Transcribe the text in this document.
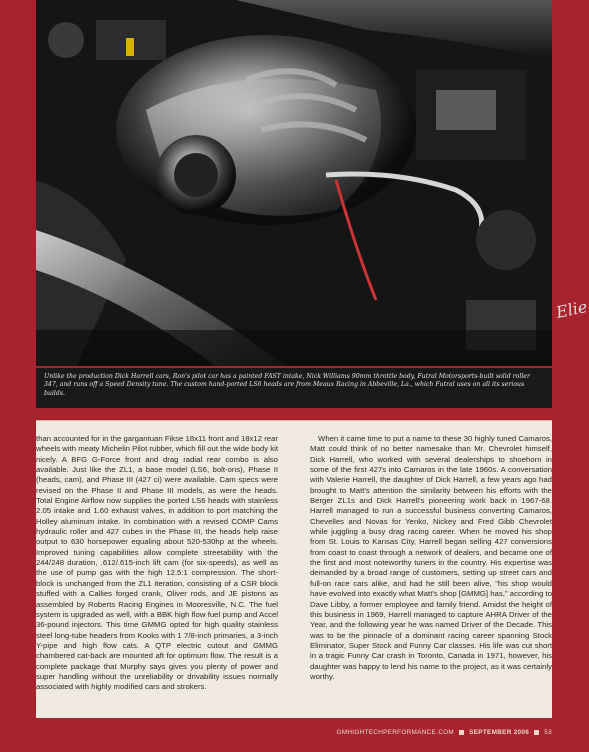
Elie
Unlike the production Dick Harrell cars, Ron's pilot car has a painted FAST intake, Nick Williams 90mm throttle body, Futral Motorsports-built solid roller 347, and runs off a Speed Density tune. The custom hand-ported LS6 heads are from Meaux Racing in Abbeville, La., which Futral uses on all its serious builds.

than accounted for in the gargantuan Fikse 18x11 front and 18x12 rear wheels with meaty Michelin Pilot rubber, which fill out the wide body kit nicely. A BFG G-Force front and drag radial rear combo is also available. Just like the ZL1, a base model (LS6, bolt-ons), Phase II (heads, cam), and Phase III (427 ci) were available. Cam specs were revised on the Phase II and Phase III models, as were the heads. Total Engine Airflow now supplies the ported LS6 heads with stainless 2.05 intake and 1.60 exhaust valves, in addition to port matching the Holley aluminum intake. In combination with a revised COMP Cams hydraulic roller and 427 cubes in the Phase III, the heads help raise output to 630 horsepower equaling about 520-530hp at the wheels. Improved tuning capabilities allow complete streetability with the 244/248 duration, .612/.615-inch lift cam (for six-speeds), as well as the use of pump gas with the high 12.5:1 compression. The short-block is unchanged from the ZL1 iteration, consisting of a CSR block stuffed with a Callies forged crank, Oliver rods, and JE pistons as assembled by Roberts Racing Engines in Mooresville, N.C. The fuel system is upgraded as well, with a BBK high flow fuel pump and Accel 36-pound injectors. This time GMMG opted for high quality stainless steel long-tube headers from Kooks with 1 7/8-inch primaries, a 3-inch Y-pipe and high flow cats. A QTP electric cutout and GMMG chambered cat-back are mounted aft for optimum flow. The result is a complete package that Murphy says gives you plenty of power and super handling without the unreliability or drivability issues normally associated with highly modified cars and strokers.

When it came time to put a name to these 30 highly tuned Camaros, Matt could think of no better namesake than Mr. Chevrolet himself, Dick Harrell, who worked with several dealerships to shoehorn in some of the first 427s into Camaros in the late 1960s. A conversation with Valerie Harrell, the daughter of Dick Harrell, a few years ago had brought to Matt's attention the similarity between his efforts with the Berger ZL1s and Dick Harrell's pioneering work back in 1967-68. Harrell managed to run a successful business converting Camaros, Chevelles and Novas for Yenko, Nickey and Fred Gibb Chevrolet while juggling a busy drag racing career. When he moved his shop from St. Louis to Kansas City, Harrell began selling 427 conversions from coast to coast through a network of dealers, and became one of the first and most noteworthy tuners in the country. His expertise was demanded by a broad range of customers, setting up street cars and full-on race cars alike, and had he still been alive, "his shop would have evolved into exactly what Matt's shop [GMMG] has," according to Dave Libby, a former employee and family friend. Amidst the height of this business in 1969, Harrell managed to capture AHRA Driver of the Year, and the following year he was named Driver of the Decade. This was to be the pinnacle of a dominant racing career spanning Stock Eliminator, Super Stock and Funny Car classes. His life was cut short in a tragic Funny Car crash in Toronto, Canada in 1971, however, his daughter was happy to lend his name to the project, as it was certainly worthy.

GMHIGHTECHPERFORMANCE.COM SEPTEMBER 2006 53
